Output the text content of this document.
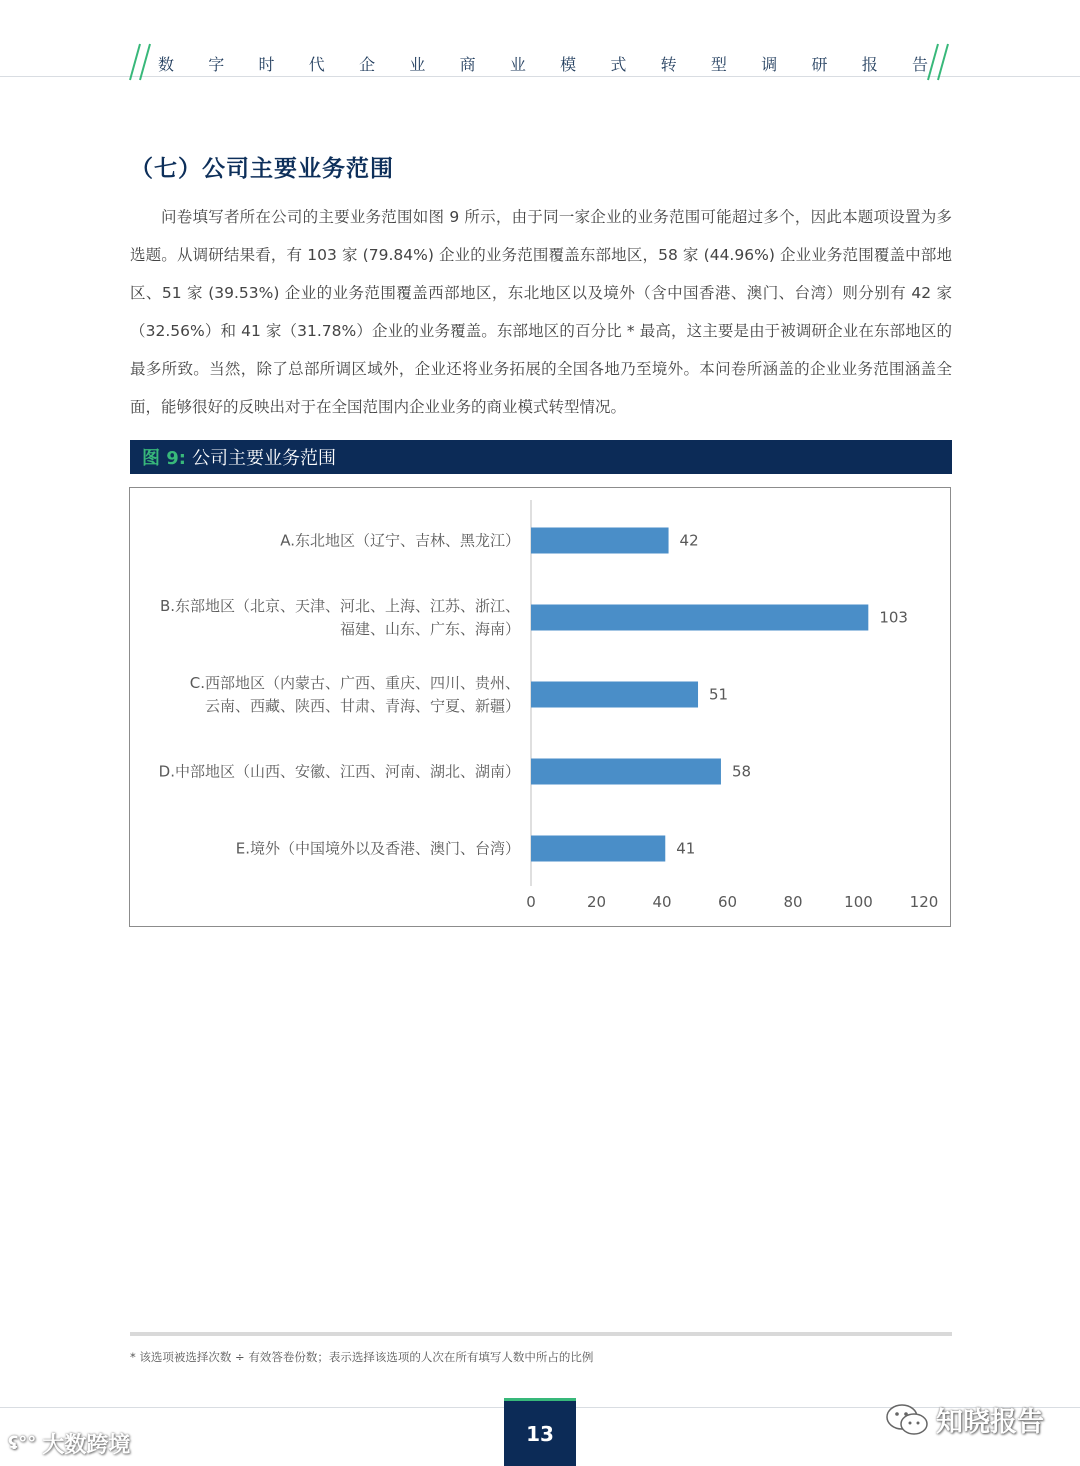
数 字 时 代 企 业 商 业 模 式 转 型 调 研 报 告
（七）公司主要业务范围
问卷填写者所在公司的主要业务范围如图 9 所示，由于同一家企业的业务范围可能超过多个，因此本题项设置为多选题。从调研结果看，有 103 家 (79.84%) 企业的业务范围覆盖东部地区，58 家 (44.96%) 企业业务范围覆盖中部地区、51 家 (39.53%) 企业的业务范围覆盖西部地区，东北地区以及境外（含中国香港、澳门、台湾）则分别有 42 家（32.56%）和 41 家（31.78%）企业的业务覆盖。东部地区的百分比 * 最高，这主要是由于被调研企业在东部地区的最多所致。当然，除了总部所调区域外，企业还将业务拓展的全国各地乃至境外。本问卷所涵盖的企业业务范围涵盖全面，能够很好的反映出对于在全国范围内企业业务的商业模式转型情况。
图 9: 公司主要业务范围
42
A.东北地区（辽宁、吉林、黑龙江）
103
B.东部地区（北京、天津、河北、上海、江苏、浙江、
福建、山东、广东、海南）
51
C.西部地区（内蒙古、广西、重庆、四川、贵州、
云南、西藏、陕西、甘肃、青海、宁夏、新疆）
58
D.中部地区（山西、安徽、江西、河南、湖北、湖南）
41
E.境外（中国境外以及香港、澳门、台湾）
0	20	40	60	80	100 120
* 该选项被选择次数 ÷ 有效答卷份数；表示选择该选项的人次在所有填写人数中所占的比例
13
ʢ°° 大数跨境
知晓报告
